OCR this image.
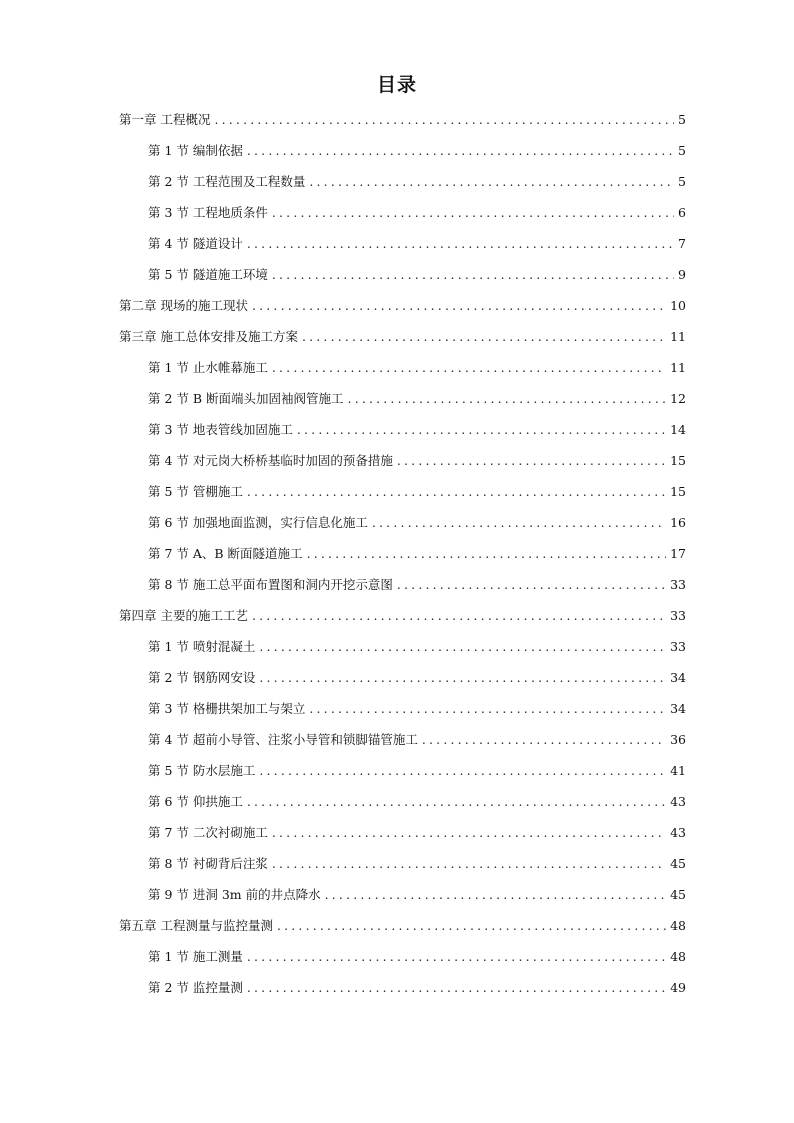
目录
第一章 工程概况 . . .	5
第 1 节 编制依据 . . .	5
第 2 节 工程范围及工程数量 . . .	5
第 3 节 工程地质条件 . . .	6
第 4 节 隧道设计 . . .	7
第 5 节 隧道施工环境 . . .	9
第二章 现场的施工现状 . . .	10
第三章 施工总体安排及施工方案 . . .	11
第 1 节 止水帷幕施工 . . .	11
第 2 节 B 断面端头加固袖阀管施工 . . .	12
第 3 节 地表管线加固施工 . . .	14
第 4 节 对元岗大桥桥基临时加固的预备措施 . . .	15
第 5 节 管棚施工 . . .	15
第 6 节 加强地面监测，实行信息化施工 . . .	16
第 7 节 A、B 断面隧道施工 . . .	17
第 8 节 施工总平面布置图和洞内开挖示意图 . . .	33
第四章 主要的施工工艺 . . .	33
第 1 节 喷射混凝土 . . .	33
第 2 节 钢筋网安设 . . .	34
第 3 节 格栅拱架加工与架立 . . .	34
第 4 节 超前小导管、注浆小导管和锁脚锚管施工 . . .	36
第 5 节 防水层施工 . . .	41
第 6 节 仰拱施工 . . .	43
第 7 节 二次衬砌施工 . . .	43
第 8 节 衬砌背后注浆 . . .	45
第 9 节 进洞 3m 前的井点降水 . . .	45
第五章 工程测量与监控量测 . . .	48
第 1 节 施工测量 . . .	48
第 2 节 监控量测 . . .	49
